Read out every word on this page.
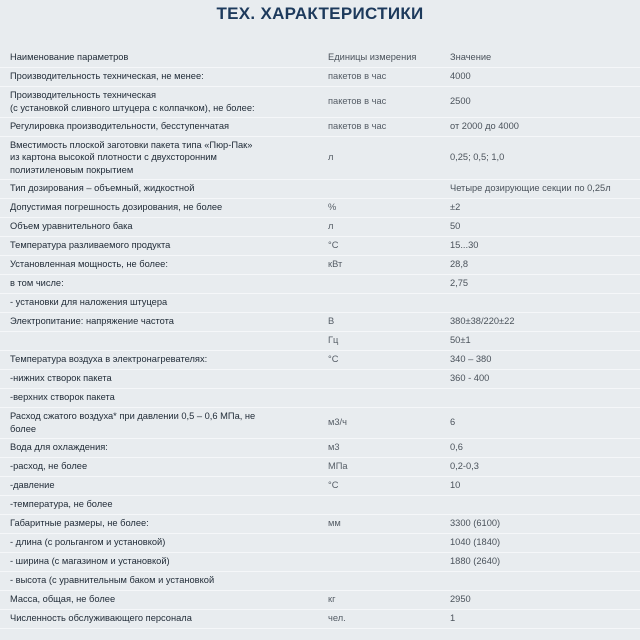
ТЕХ. ХАРАКТЕРИСТИКИ
Наименование параметров	Единицы измерения	Значение
Производительность техническая, не менее:	пакетов в час	4000
Производительность техническая
(с установкой сливного штуцера с колпачком), не более:	пакетов в час	2500
Регулировка производительности, бесступенчатая	пакетов в час	от 2000 до 4000
Вместимость плоской заготовки пакета типа «Пюр-Пак»
из картона высокой плотности с двухсторонним
полиэтиленовым покрытием	л	0,25; 0,5; 1,0
Тип дозирования – объемный, жидкостной		Четыре дозирующие секции по 0,25л
Допустимая погрешность дозирования, не более	%	±2
Объем уравнительного бака	л	50
Температура разливаемого продукта	°С	15...30
Установленная мощность, не более:	кВт	28,8
в том числе:		2,75
- установки для наложения штуцера		
Электропитание: напряжение частота	В	380±38/220±22
	Гц	50±1
Температура воздуха в электронагревателях:	°С	340 – 380
-нижних створок пакета		360 - 400
-верхних створок пакета		
Расход сжатого воздуха* при давлении 0,5 – 0,6 МПа, не
более	м3/ч	6
Вода для охлаждения:	м3	0,6
-расход, не более	МПа	0,2-0,3
-давление	°С	10
-температура, не более		
Габаритные размеры, не более:	мм	3300 (6100)
- длина (с рольгангом и установкой)		1040 (1840)
- ширина (с магазином и установкой)		1880 (2640)
- высота (с уравнительным баком и установкой		
Масса, общая, не более	кг	2950
Численность обслуживающего персонала	чел.	1
